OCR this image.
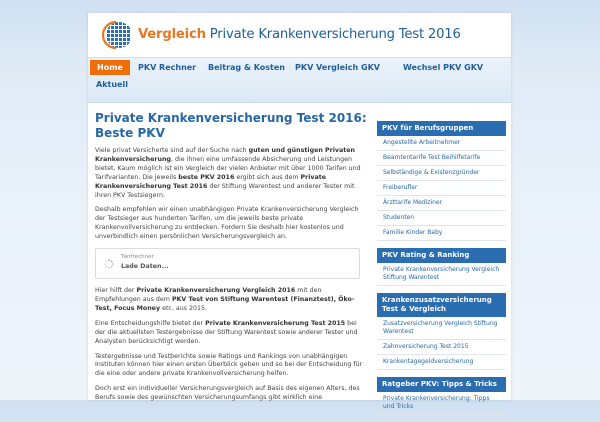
Vergleich Private Krankenversicherung Test 2016
Home	PKV Rechner Beitrag & Kosten PKV Vergleich GKV	Wechsel PKV GKV
Aktuell
Private Krankenversicherung Test 2016: Beste PKV

Viele privat Versicherte sind auf der Suche nach guten und günstigen Privaten Krankenversicherung, die ihnen eine umfassende Absicherung und Leistungen bietet. Kaum möglich ist ein Vergleich der vielen Anbieter mit über 1000 Tarifen und Tarifvarianten. Die jeweils beste PKV 2016 ergibt sich aus dem Private Krankenversicherung Test 2016 der Stiftung Warentest und anderer Tester mit ihren PKV Testsiegern.

Deshalb empfehlen wir einen unabhängigen Private Krankenversicherung Vergleich der Testsieger aus hunderten Tarifen, um die jeweils beste private Krankenvollversicherung zu entdecken. Fordern Sie deshalb hier kostenlos und unverbindlich einen persönlichen Versicherungsvergleich an.

Tarifrechner
Lade Daten...

Hier hilft der Private Krankenversicherung Vergleich 2016 mit den Empfehlungen aus dem PKV Test von Stiftung Warentest (Finanztest), Öko-Test, Focus Money etc. aus 2015.

Eine Entscheidungshilfe bietet der Private Krankenversicherung Test 2015 bei der die aktuellsten Testergebnisse der Stiftung Warentest sowie anderer Tester und Analysten berücksichtigt werden.

Testergebnisse und Testberichte sowie Ratings und Rankings von unabhängigen Instituten können hier einen ersten Überblick geben und so bei der Entscheidung für die eine oder andere private Krankenvollversicherung helfen.

Doch erst ein individueller Versicherungsvergleich auf Basis des eigenen Alters, des Berufs sowie des gewünschten Versicherungsumfangs gibt wirklich eine

PKV für Berufsgruppen
Angestellte Arbeitnehmer
Beamtentarife Test Beihilfetarife
Selbständige & Existenzgründer
Freiberufler
Ärzttarife Mediziner
Studenten
Familie Kinder Baby
PKV Rating & Ranking
Private Krankenversicherung Vergleich Stiftung Warentest
Krankenzusatzversicherung Test & Vergleich
Zusatzversicherung Vergleich Stiftung Warentest
Zahnversicherung Test 2015
Krankentagegeldversicherung
Ratgeber PKV: Tipps & Tricks
Private Krankenversicherung: Tipps und Tricks
